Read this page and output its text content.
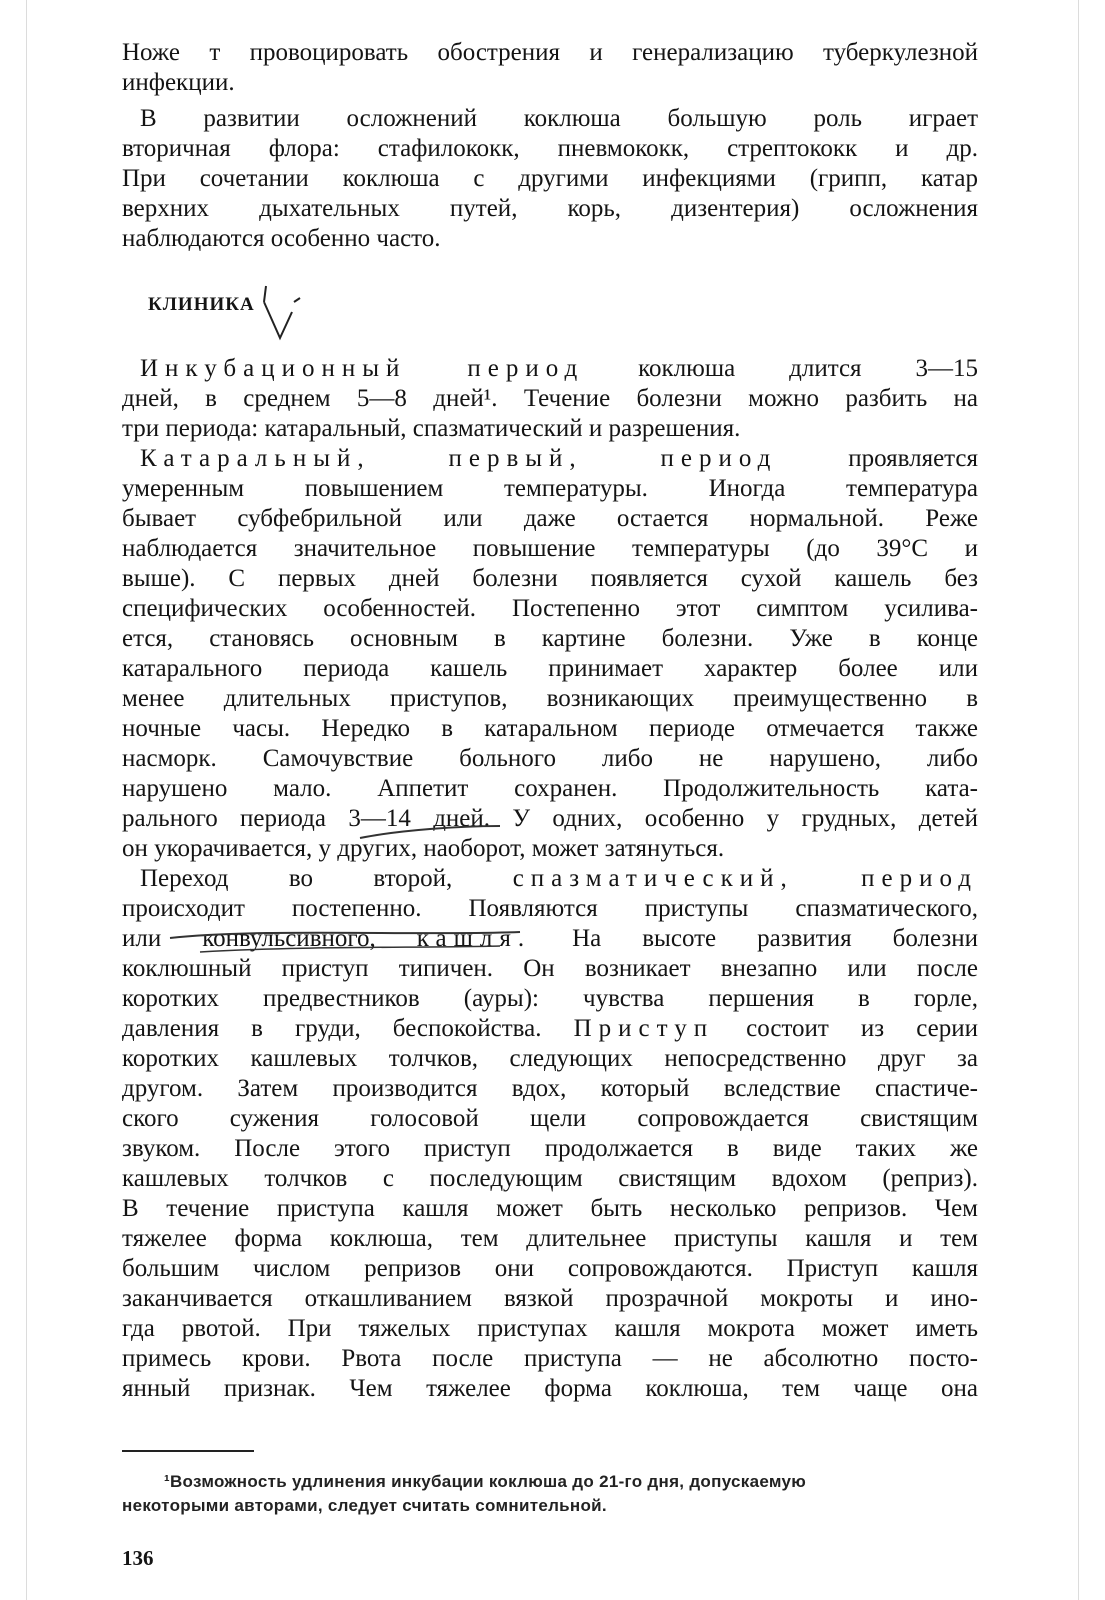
Ноже т провоцировать обострения и генерализацию туберкулезной

инфекции.

В развитии осложнений коклюша большую роль играет

вторичная флора: стафилококк, пневмококк, стрептококк и др.

При сочетании коклюша с другими инфекциями (грипп, катар

верхних дыхательных путей, корь, дизентерия) осложнения

наблюдаются особенно часто.

КЛИНИКА

Инкубационный период коклюша длится 3—15

дней, в среднем 5—8 дней¹. Течение болезни можно разбить на

три периода: катаральный, спазматический и разрешения.

Катаральный, первый, период проявляется

умеренным повышением температуры. Иногда температура

бывает субфебрильной или даже остается нормальной. Реже

наблюдается значительное повышение температуры (до 39°С и

выше). С первых дней болезни появляется сухой кашель без

специфических особенностей. Постепенно этот симптом усилива-

ется, становясь основным в картине болезни. Уже в конце

катарального периода кашель принимает характер более или

менее длительных приступов, возникающих преимущественно в

ночные часы. Нередко в катаральном периоде отмечается также

насморк. Самочувствие больного либо не нарушено, либо

нарушено мало. Аппетит сохранен. Продолжительность ката-

рального периода 3—14 дней. У одних, особенно у грудных, детей

он укорачивается, у других, наоборот, может затянуться.

Переход во второй, спазматический, период

происходит постепенно. Появляются приступы спазматического,

или конвульсивного, кашля. На высоте развития болезни

коклюшный приступ типичен. Он возникает внезапно или после

коротких предвестников (ауры): чувства першения в горле,

давления в груди, беспокойства. Приступ состоит из серии

коротких кашлевых толчков, следующих непосредственно друг за

другом. Затем производится вдох, который вследствие спастиче-

ского сужения голосовой щели сопровождается свистящим

звуком. После этого приступ продолжается в виде таких же

кашлевых толчков с последующим свистящим вдохом (реприз).

В течение приступа кашля может быть несколько репризов. Чем

тяжелее форма коклюша, тем длительнее приступы кашля и тем

большим числом репризов они сопровождаются. Приступ кашля

заканчивается откашливанием вязкой прозрачной мокроты и ино-

гда рвотой. При тяжелых приступах кашля мокрота может иметь

примесь крови. Рвота после приступа — не абсолютно посто-

янный признак. Чем тяжелее форма коклюша, тем чаще она

¹Возможность удлинения инкубации коклюша до 21-го дня, допускаемую

некоторыми авторами, следует считать сомнительной.

136
